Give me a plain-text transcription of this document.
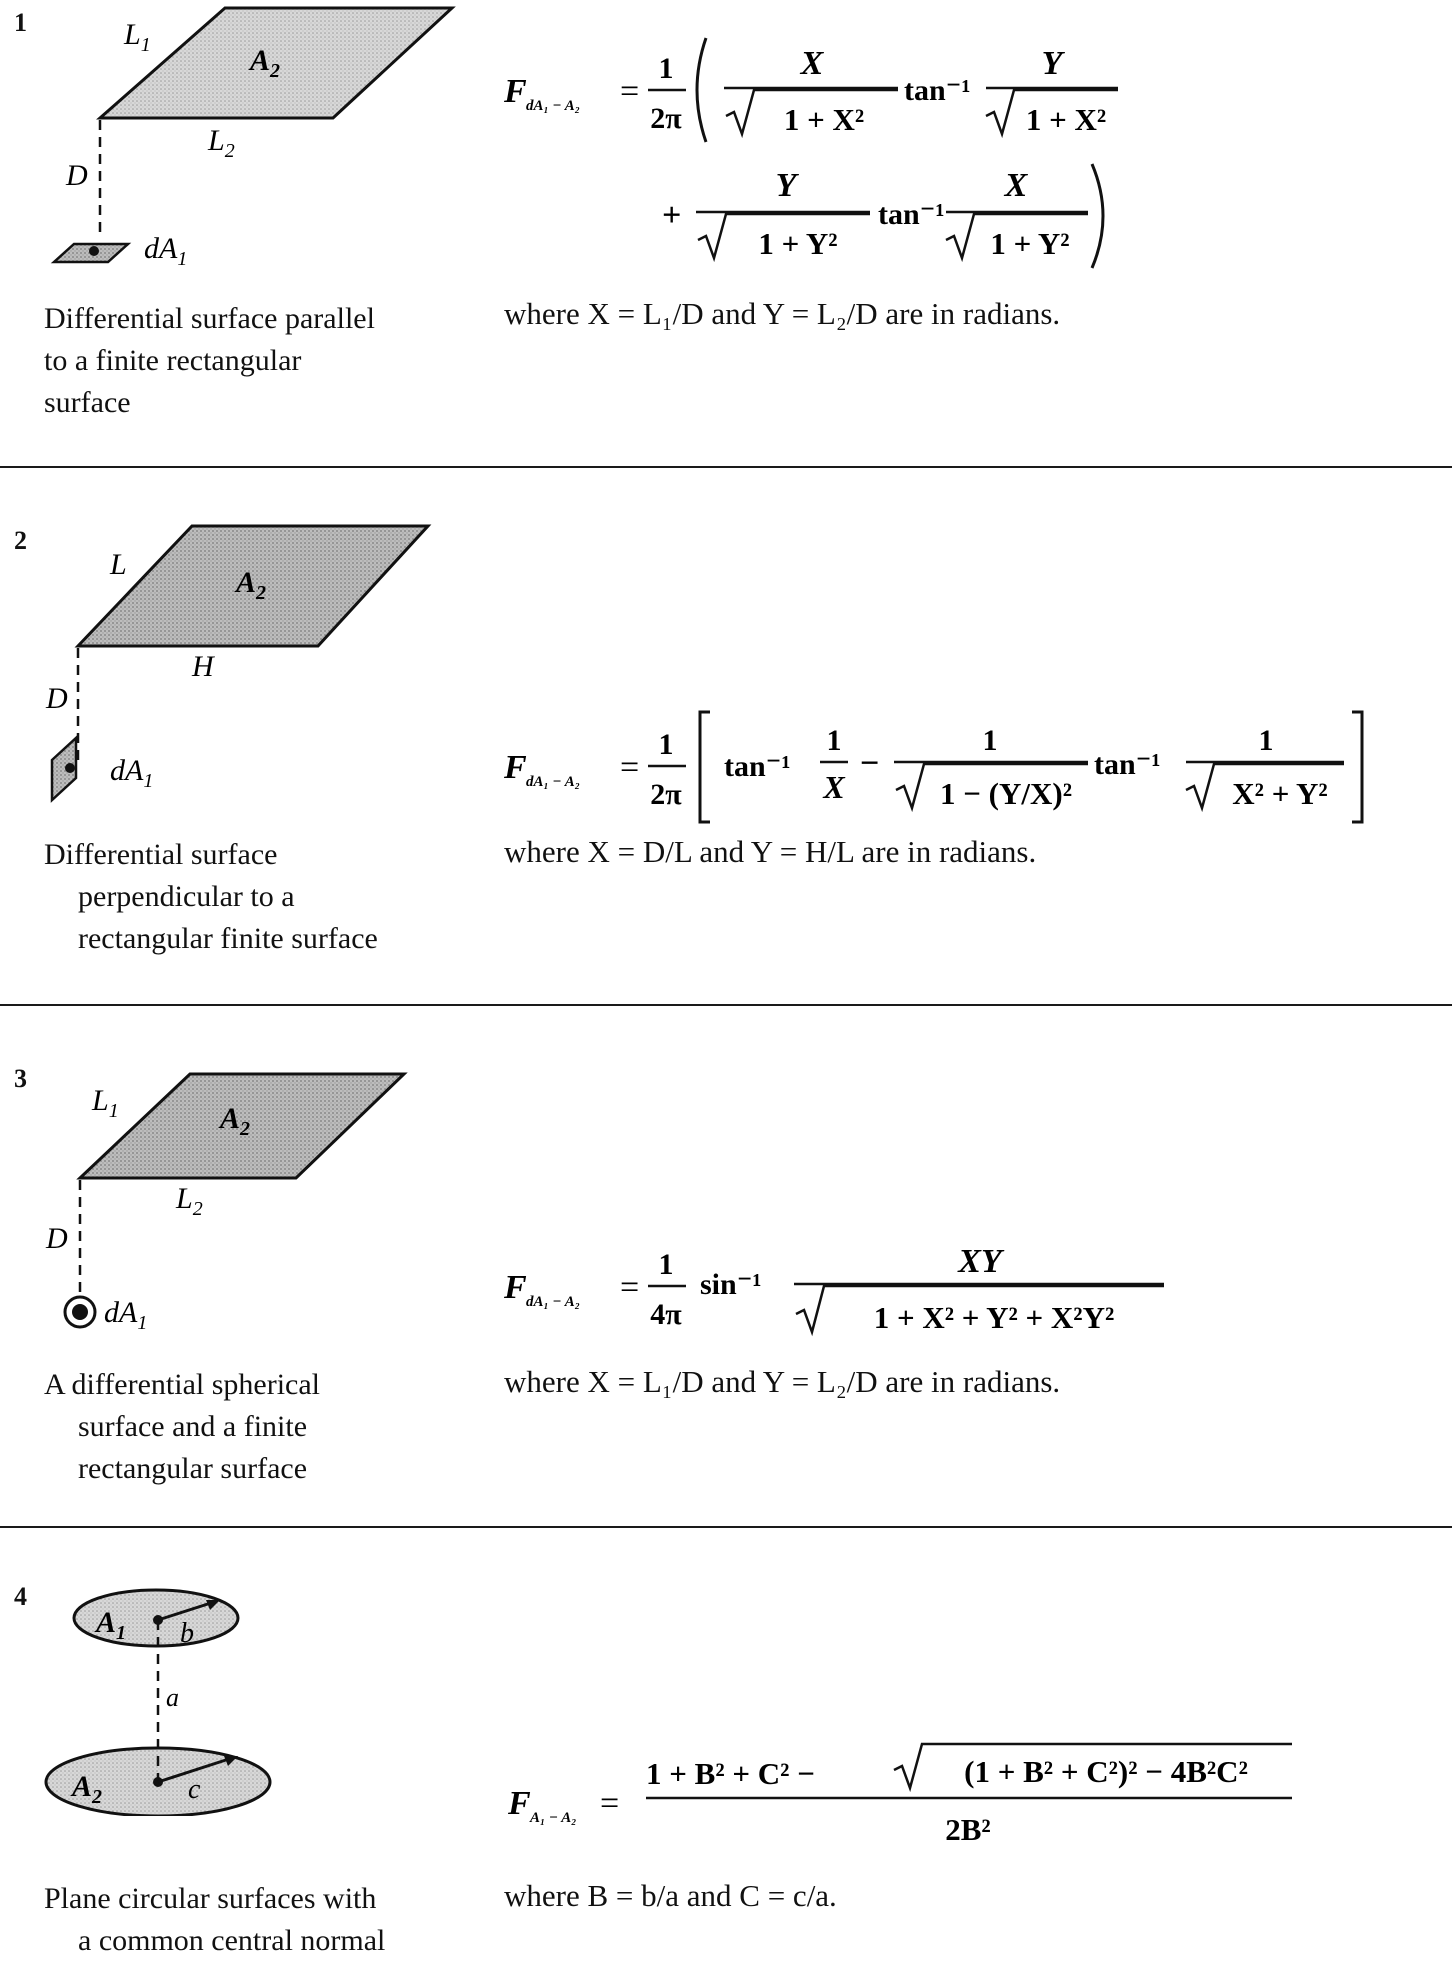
1	$L_1$	$A_2$
$L_2$
D
$dA_1$
F dA₁ − A₂ =
1
2π
X
1 + X²
tan⁻¹
Y
1 + X²
+
Y
1 + Y²
tan⁻¹
X
1 + Y²
Differential surface parallel
to a finite rectangular
surface
where X = L₁/D and Y = L₂/D are in radians.
2
L
$A_2$
H
D
$dA_1$	F dA₁ − A₂ =
1
2π
tan⁻¹
1
X
−
1
1 − (Y/X)²
tan⁻¹
1
X² + Y²
Differential surface

perpendicular to a
rectangular finite surface
where X = D/L and Y = H/L are in radians.
3
$L_1$	$A_2$
$L_2$
D
$dA_1$
F dA₁ − A₂ =
1
4π
sin⁻¹
XY
1 + X² + Y² + X²Y²
A differential spherical

surface and a finite
rectangular surface
where X = L₁/D and Y = L₂/D are in radians.
4
$A_1$ b
a
$A_2$	c	F A₁ − A₂ =
1 + B² + C² −	(1 + B² + C²)² − 4B²C²
2B²
Plane circular surfaces with

a common central normal
where B = b/a and C = c/a.
